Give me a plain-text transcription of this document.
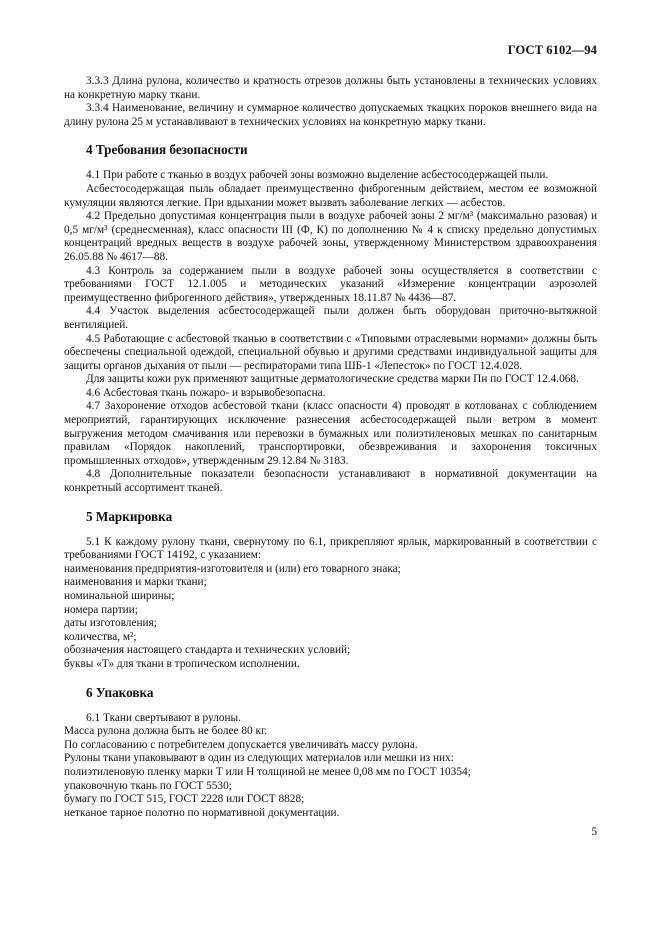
ГОСТ 6102—94

3.3.3 Длина рулона, количество и кратность отрезов должны быть установлены в технических условиях на конкретную марку ткани.

3.3.4 Наименование, величину и суммарное количество допускаемых ткацких пороков внешнего вида на длину рулона 25 м устанавливают в технических условиях на конкретную марку ткани.

4 Требования безопасности

4.1 При работе с тканью в воздух рабочей зоны возможно выделение асбестосодержащей пыли.

Асбестосодержащая пыль обладает преимущественно фиброгенным действием, местом ее возможной кумуляции являются легкие. При вдыхании может вызвать заболевание легких — асбестов.

4.2 Предельно допустимая концентрация пыли в воздухе рабочей зоны 2 мг/м³ (максимально разовая) и 0,5 мг/м³ (среднесменная), класс опасности III (Ф, К) по дополнению № 4 к списку предельно допустимых концентраций вредных веществ в воздухе рабочей зоны, утвержденному Министерством здравоохранения 26.05.88 № 4617—88.

4.3 Контроль за содержанием пыли в воздухе рабочей зоны осуществляется в соответствии с требованиями ГОСТ 12.1.005 и методических указаний «Измерение концентрации аэрозолей преимущественно фиброгенного действия», утвержденных 18.11.87 № 4436—87.

4.4 Участок выделения асбестосодержащей пыли должен быть оборудован приточно-вытяжной вентиляцией.

4.5 Работающие с асбестовой тканью в соответствии с «Типовыми отраслевыми нормами» должны быть обеспечены специальной одеждой, специальной обувью и другими средствами индивидуальной защиты для защиты органов дыхания от пыли — респираторами типа ШБ-1 «Лепесток» по ГОСТ 12.4.028.

Для защиты кожи рук применяют защитные дерматологические средства марки Пн по ГОСТ 12.4.068.

4.6 Асбестовая ткань пожаро- и взрывобезопасна.

4.7 Захоронение отходов асбестовой ткани (класс опасности 4) проводят в котлованах с соблюдением мероприятий, гарантирующих исключение разнесения асбестосодержащей пыли ветром в момент выгружения методом смачивания или перевозки в бумажных или полиэтиленовых мешках по санитарным правилам «Порядок накоплений, транспортировки, обезвреживания и захоронения токсичных промышленных отходов», утвержденным 29.12.84 № 3183.

4.8 Дополнительные показатели безопасности устанавливают в нормативной документации на конкретный ассортимент тканей.

5 Маркировка

5.1 К каждому рулону ткани, свернутому по 6.1, прикрепляют ярлык, маркированный в соответствии с требованиями ГОСТ 14192, с указанием:

наименования предприятия-изготовителя и (или) его товарного знака;

наименования и марки ткани;

номинальной ширины;

номера партии;

даты изготовления;

количества, м²;

обозначения настоящего стандарта и технических условий;

буквы «Т» для ткани в тропическом исполнении.

6 Упаковка

6.1 Ткани свертывают в рулоны.

Масса рулона должна быть не более 80 кг.

По согласованию с потребителем допускается увеличивать массу рулона.

Рулоны ткани упаковывают в один из следующих материалов или мешки из них:

полиэтиленовую пленку марки Т или Н толщиной не менее 0,08 мм по ГОСТ 10354;

упаковочную ткань по ГОСТ 5530;

бумагу по ГОСТ 515, ГОСТ 2228 или ГОСТ 8828;

нетканое тарное полотно по нормативной документации.

5
